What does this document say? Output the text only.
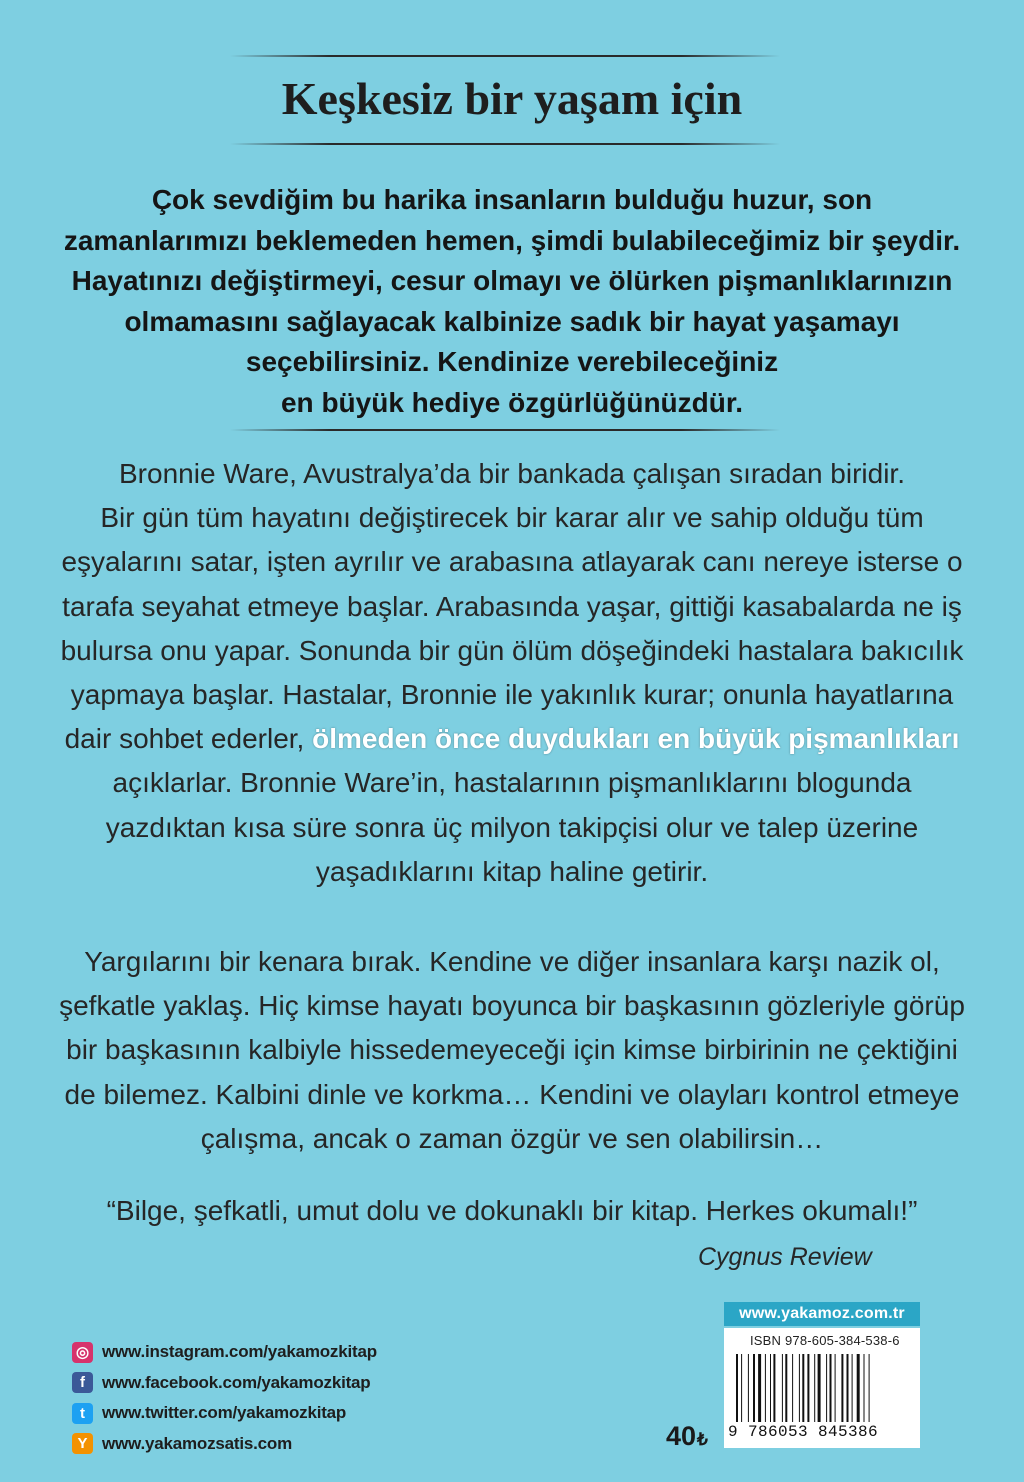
Keşkesiz bir yaşam için
Çok sevdiğim bu harika insanların bulduğu huzur, son
zamanlarımızı beklemeden hemen, şimdi bulabileceğimiz bir şeydir.
Hayatınızı değiştirmeyi, cesur olmayı ve ölürken pişmanlıklarınızın
olmamasını sağlayacak kalbinize sadık bir hayat yaşamayı
seçebilirsiniz. Kendinize verebileceğiniz
en büyük hediye özgürlüğünüzdür.
Bronnie Ware, Avustralya’da bir bankada çalışan sıradan biridir.
Bir gün tüm hayatını değiştirecek bir karar alır ve sahip olduğu tüm
eşyalarını satar, işten ayrılır ve arabasına atlayarak canı nereye isterse o
tarafa seyahat etmeye başlar. Arabasında yaşar, gittiği kasabalarda ne iş
bulursa onu yapar. Sonunda bir gün ölüm döşeğindeki hastalara bakıcılık
yapmaya başlar. Hastalar, Bronnie ile yakınlık kurar; onunla hayatlarına
dair sohbet ederler, ölmeden önce duydukları en büyük pişmanlıkları
açıklarlar. Bronnie Ware’in, hastalarının pişmanlıklarını blogunda
yazdıktan kısa süre sonra üç milyon takipçisi olur ve talep üzerine
yaşadıklarını kitap haline getirir.
Yargılarını bir kenara bırak. Kendine ve diğer insanlara karşı nazik ol,
şefkatle yaklaş. Hiç kimse hayatı boyunca bir başkasının gözleriyle görüp
bir başkasının kalbiyle hissedemeyeceği için kimse birbirinin ne çektiğini
de bilemez. Kalbini dinle ve korkma… Kendini ve olayları kontrol etmeye
çalışma, ancak o zaman özgür ve sen olabilirsin…
“Bilge, şefkatli, umut dolu ve dokunaklı bir kitap. Herkes okumalı!”
Cygnus Review
◎ www.instagram.com/yakamozkitap
f www.facebook.com/yakamozkitap
t www.twitter.com/yakamozkitap
Y www.yakamozsatis.com	40₺
www.yakamoz.com.tr
ISBN 978-605-384-538-6
9 786053 845386
